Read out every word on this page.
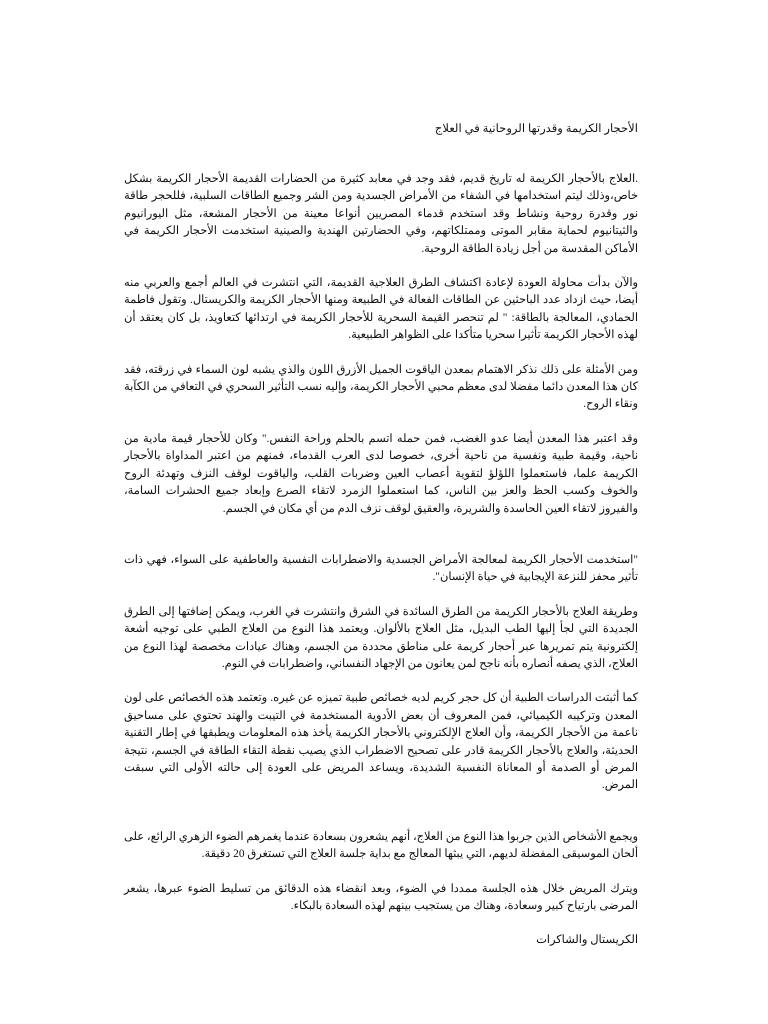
الأحجار الكريمة وقدرتها الروحانية في العلاج

.العلاج بالأحجار الكريمة له تاريخ قديم، فقد وجد في معابد كثيرة من الحضارات القديمة الأحجار الكريمة بشكل خاص،وذلك ليتم استخدامها في الشفاء من الأمراض الجسدية ومن الشر وجميع الطاقات السلبية، فللحجر طاقة نور وقدرة روحية ونشاط وقد استخدم قدماء المصريين أنواعا معينة من الأحجار المشعة، مثل اليورانيوم والثيتانيوم لحماية مقابر الموتى وممتلكاتهم، وفي الحضارتين الهندية والصينية استخدمت الأحجار الكريمة في الأماكن المقدسة من أجل زيادة الطاقة الروحية.

والآن بدأت محاولة العودة لإعادة اكتشاف الطرق العلاجية القديمة، التي انتشرت في العالم أجمع والعربي منه أيضا، حيث ازداد عدد الباحثين عن الطاقات الفعالة في الطبيعة ومنها الأحجار الكريمة والكريستال. وتقول فاطمة الحمادي، المعالجة بالطاقة: " لم تنحصر القيمة السحرية للأحجار الكريمة في ارتدائها كتعاويذ، بل كان يعتقد أن لهذه الأحجار الكريمة تأثيرا سحريا متأكدا على الظواهر الطبيعية.

ومن الأمثلة على ذلك نذكر الاهتمام بمعدن الياقوت الجميل الأزرق اللون والذي يشبه لون السماء في زرقته، فقد كان هذا المعدن دائما مفضلا لدى معظم محبي الأحجار الكريمة، وإليه نسب التأثير السحري في التعافي من الكآبة ونقاء الروح.

وقد اعتبر هذا المعدن أيضا عدو الغضب، فمن حمله اتسم بالحلم وراحة النفس." وكان للأحجار قيمة مادية من ناحية، وقيمة طبية ونفسية من ناحية أخرى، خصوصا لدى العرب القدماء، فمنهم من اعتبر المداواة بالأحجار الكريمة علما، فاستعملوا اللؤلؤ لتقوية أعصاب العين وضربات القلب، والياقوت لوقف النزف وتهدئة الروح والخوف وكسب الحظ والعز بين الناس، كما استعملوا الزمرد لاتقاء الصرع وإبعاد جميع الحشرات السامة، والفيروز لاتقاء العين الحاسدة والشريرة، والعقيق لوقف نزف الدم من أي مكان في الجسم.

"استخدمت الأحجار الكريمة لمعالجة الأمراض الجسدية والاضطرابات النفسية والعاطفية على السواء، فهي ذات تأثير محفز للنزعة الإيجابية في حياة الإنسان".

وطريقة العلاج بالأحجار الكريمة من الطرق السائدة في الشرق وانتشرت في الغرب، ويمكن إضافتها إلى الطرق الجديدة التي لجأ إليها الطب البديل، مثل العلاج بالألوان. ويعتمد هذا النوع من العلاج الطبي على توجيه أشعة إلكترونية يتم تمريرها عبر أحجار كريمة على مناطق محددة من الجسم، وهناك عيادات مخصصة لهذا النوع من العلاج، الذي يصفه أنصاره بأنه ناجح لمن يعانون من الإجهاد النفساني، واضطرابات في النوم.

كما أثبتت الدراسات الطبية أن كل حجر كريم لديه خصائص طبية تميزه عن غيره. وتعتمد هذه الخصائص على لون المعدن وتركيبه الكيميائي، فمن المعروف أن بعض الأدوية المستخدمة في التيبت والهند تحتوي على مساحيق ناعمة من الأحجار الكريمة، وأن العلاج الإلكتروني بالأحجار الكريمة يأخذ هذه المعلومات ويطبقها في إطار التقنية الحديثة، والعلاج بالأحجار الكريمة قادر على تصحيح الاضطراب الذي يصيب نقطة التقاء الطاقة في الجسم، نتيجة المرض أو الصدمة أو المعاناة النفسية الشديدة، ويساعد المريض على العودة إلى حالته الأولى التي سبقت المرض.

ويجمع الأشخاص الذين جربوا هذا النوع من العلاج، أنهم يشعرون بسعادة عندما يغمرهم الضوء الزهري الرائع، على ألحان الموسيقى المفضلة لديهم، التي يبثها المعالج مع بداية جلسة العلاج التي تستغرق 20 دقيقة.

ويترك المريض خلال هذه الجلسة ممددا في الضوء، وبعد انقضاء هذه الدقائق من تسليط الضوء عبرها، يشعر المرضى بارتياح كبير وسعادة، وهناك من يستجيب بينهم لهذه السعادة بالبكاء.

الكريستال والشاكرات
